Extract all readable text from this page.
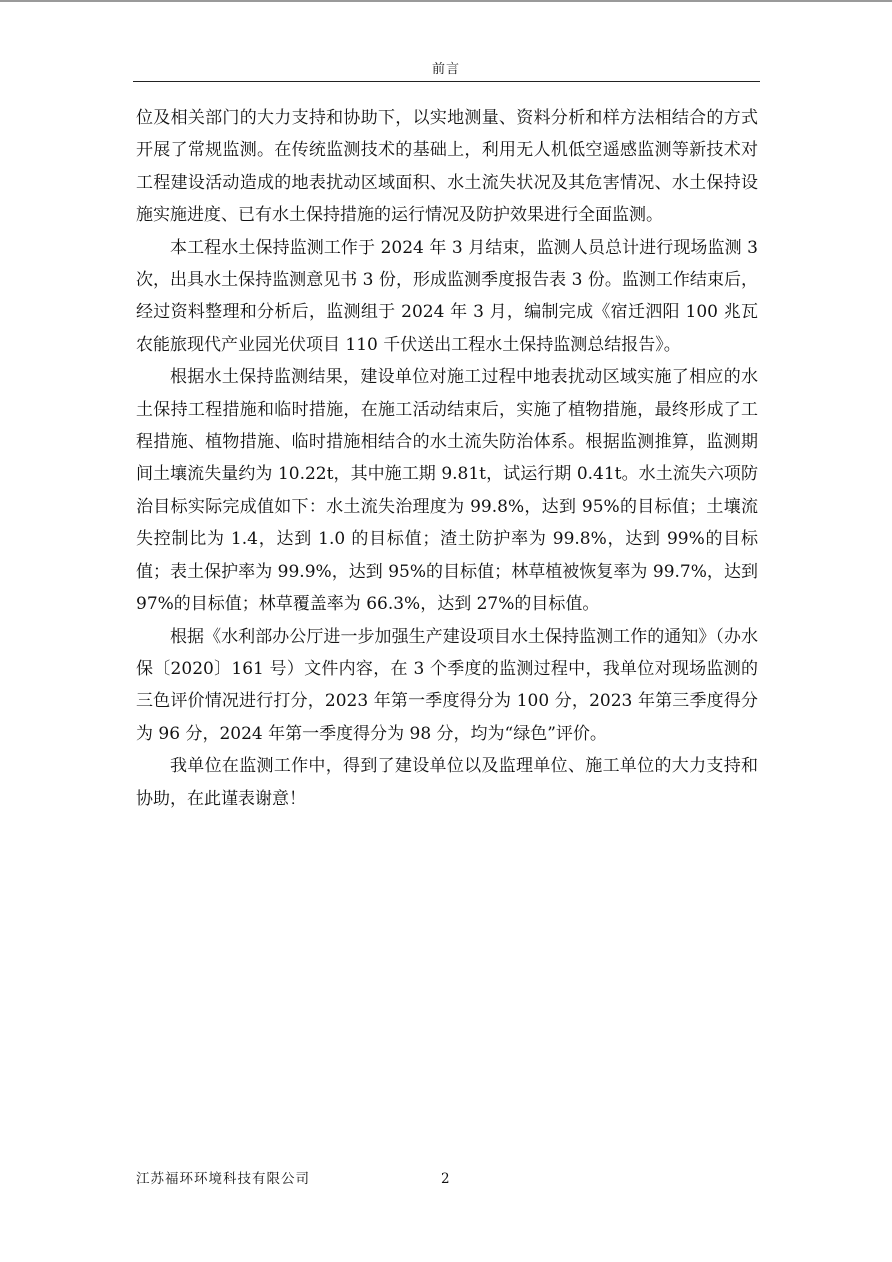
前言

位及相关部门的大力支持和协助下，以实地测量、资料分析和样方法相结合的方式开展了常规监测。在传统监测技术的基础上，利用无人机低空遥感监测等新技术对工程建设活动造成的地表扰动区域面积、水土流失状况及其危害情况、水土保持设施实施进度、已有水土保持措施的运行情况及防护效果进行全面监测。

本工程水土保持监测工作于 2024 年 3 月结束，监测人员总计进行现场监测 3 次，出具水土保持监测意见书 3 份，形成监测季度报告表 3 份。监测工作结束后，经过资料整理和分析后，监测组于 2024 年 3 月，编制完成《宿迁泗阳 100 兆瓦农能旅现代产业园光伏项目 110 千伏送出工程水土保持监测总结报告》。

根据水土保持监测结果，建设单位对施工过程中地表扰动区域实施了相应的水土保持工程措施和临时措施，在施工活动结束后，实施了植物措施，最终形成了工程措施、植物措施、临时措施相结合的水土流失防治体系。根据监测推算，监测期间土壤流失量约为 10.22t，其中施工期 9.81t，试运行期 0.41t。水土流失六项防治目标实际完成值如下：水土流失治理度为 99.8%，达到 95%的目标值；土壤流失控制比为 1.4，达到 1.0 的目标值；渣土防护率为 99.8%，达到 99%的目标值；表土保护率为 99.9%，达到 95%的目标值；林草植被恢复率为 99.7%，达到 97%的目标值；林草覆盖率为 66.3%，达到 27%的目标值。

根据《水利部办公厅进一步加强生产建设项目水土保持监测工作的通知》（办水保〔2020〕161 号）文件内容，在 3 个季度的监测过程中，我单位对现场监测的三色评价情况进行打分，2023 年第一季度得分为 100 分，2023 年第三季度得分为 96 分，2024 年第一季度得分为 98 分，均为“绿色”评价。

我单位在监测工作中，得到了建设单位以及监理单位、施工单位的大力支持和协助，在此谨表谢意！

江苏福环环境科技有限公司	2
